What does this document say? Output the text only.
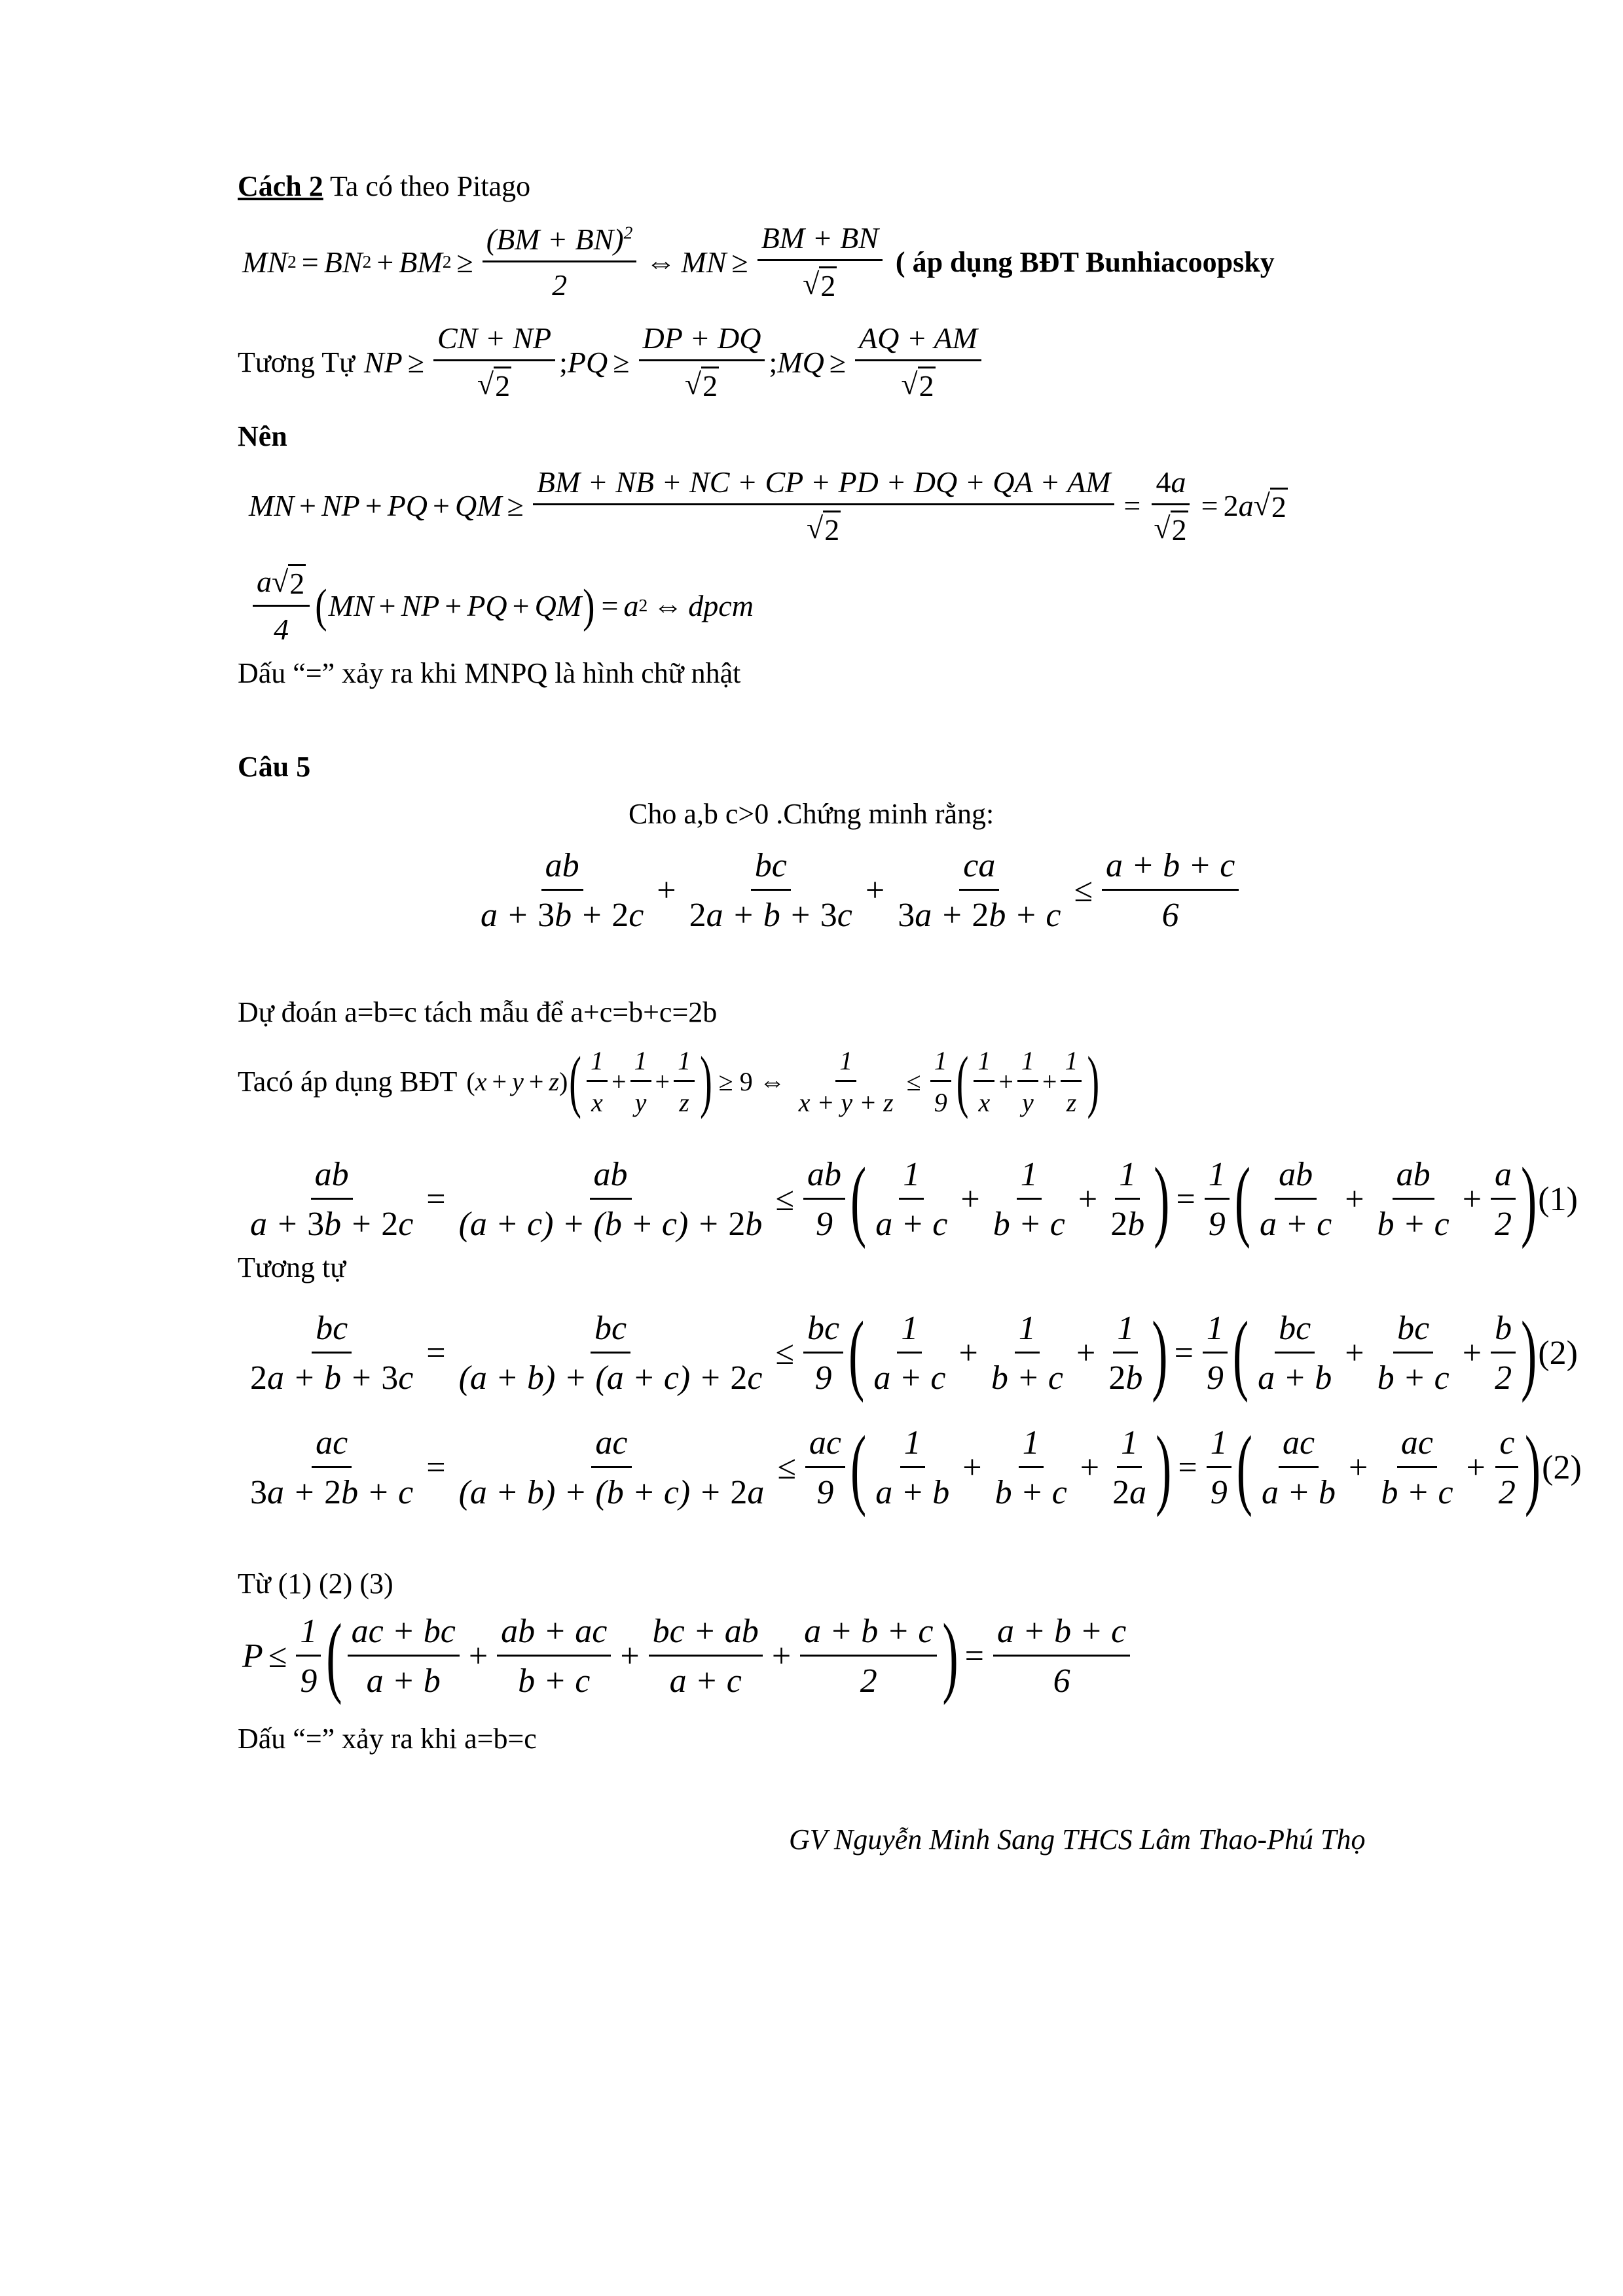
Cách 2 Ta có theo Pitago
MN 2 = BN 2 + BM $2 \ge \frac{(BM + BN)^2}{2}$ ⇔ MN ≥ $\frac{BM + BN}{√ 2}$ ( áp dụng BĐT Bunhiacoopsky
Tương Tự NP ≥ $\frac{CN + NP}{√ 2}$ ; PQ ≥ $\frac{DP + DQ}{√ 2}$ ; MQ ≥ $\frac{AQ + AM}{√ 2}$
Nên
MN + NP + PQ + QM ≥ $\frac{BM + NB + NC + CP + PD + DQ + QA + AM}{√ 2} = \frac{4a}{√ 2} = 2$ a √ 2
$\frac{a √ 2}{4}$ ( MN + NP + PQ + QM ) = a 2 ⇔ dpcm
Dấu “=” xảy ra khi MNPQ là hình chữ nhật
Câu 5
Cho a,b c>0 .Chứng minh rằng:
$\frac{ab}{a + 3b + 2c} + \frac{bc}{2a + b + 3c} + \frac{ca}{3a + 2b + c} \le \frac{a + b + c}{6}$
Dự đoán a=b=c tách mẫu để a+c=b+c=2b
Tacó áp dụng BĐT ( x + y + z ) ( $\frac{1}{x} + \frac{1}{y} + \frac{1}{z}$ ) ≥ 9 ⇔ $\frac{1}{x + y + z} \le \frac{1}{9}$ ( $\frac{1}{x} + \frac{1}{y} + \frac{1}{z}$ )
$\frac{ab}{a + 3b + 2c} = \frac{ab}{(a + c) + (b + c) + 2b} \le \frac{ab}{9}$ ( $\frac{1}{a + c} + \frac{1}{b + c} + \frac{1}{2b}$ ) = $\frac{1}{9}$ ( $\frac{ab}{a + c} + \frac{ab}{b + c} + \frac{a}{2}$ ) (1)
Tương tự
$\frac{bc}{2a + b + 3c} = \frac{bc}{(a + b) + (a + c) + 2c} \le \frac{bc}{9}$ ( $\frac{1}{a + c} + \frac{1}{b + c} + \frac{1}{2b}$ ) = $\frac{1}{9}$ ( $\frac{bc}{a + b} + \frac{bc}{b + c} + \frac{b}{2}$ ) (2)
$\frac{ac}{3a + 2b + c} = \frac{ac}{(a + b) + (b + c) + 2a} \le \frac{ac}{9}$ ( $\frac{1}{a + b} + \frac{1}{b + c} + \frac{1}{2a}$ ) = $\frac{1}{9}$ ( $\frac{ac}{a + b} + \frac{ac}{b + c} + \frac{c}{2}$ ) (2)
Từ (1) (2) (3)
$P \le \frac{1}{9}$ ( $\frac{ac + bc}{a + b} + \frac{ab + ac}{b + c} + \frac{bc + ab}{a + c} + \frac{a + b + c}{2}$ ) = $\frac{a + b + c}{6}$
Dấu “=” xảy ra khi a=b=c
GV Nguyễn Minh Sang THCS Lâm Thao-Phú Thọ
